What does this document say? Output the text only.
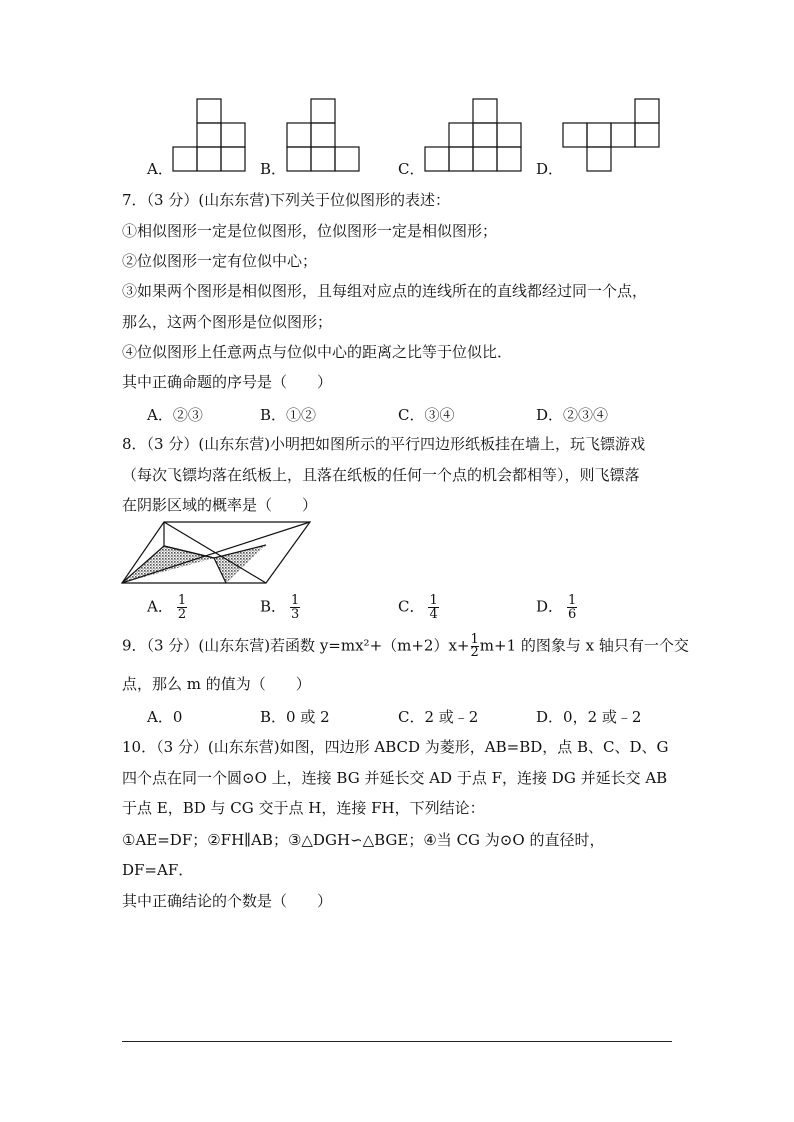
A．	B．	C．	D．
7．（3 分）(山东东营)下列关于位似图形的表述：
①相似图形一定是位似图形，位似图形一定是相似图形；
②位似图形一定有位似中心；
③如果两个图形是相似图形，且每组对应点的连线所在的直线都经过同一个点，
那么，这两个图形是位似图形；
④位似图形上任意两点与位似中心的距离之比等于位似比．
其中正确命题的序号是（　　）
A．②③	B．①②	C．③④	D．②③④
8．（3 分）(山东东营)小明把如图所示的平行四边形纸板挂在墙上，玩飞镖游戏
（每次飞镖均落在纸板上，且落在纸板的任何一个点的机会都相等），则飞镖落
在阴影区域的概率是（　　）
A． $\frac{1}{2}$	B． $\frac{1}{3}$	C． $\frac{1}{4}$	D． $\frac{1}{6}$
9．（3 分）(山东东营)若函数 $y=mx^2+(m+2)x+ \frac{1}{2} m+1$ 的图象与 x 轴只有一个交
点，那么 m 的值为（　　）
A．0	B．0 或 2	C．2 或﹣2	D．0，2 或﹣2
10．（3 分）(山东东营)如图，四边形 ABCD 为菱形，AB=BD，点 B、C、D、G
四个点在同一个圆⊙O 上，连接 BG 并延长交 AD 于点 F，连接 DG 并延长交 AB
于点 E，BD 与 CG 交于点 H，连接 FH，下列结论：
①AE=DF；②FH∥AB；③△DGH∽△BGE；④当 CG 为⊙O 的直径时，
DF=AF．
其中正确结论的个数是（　　）
